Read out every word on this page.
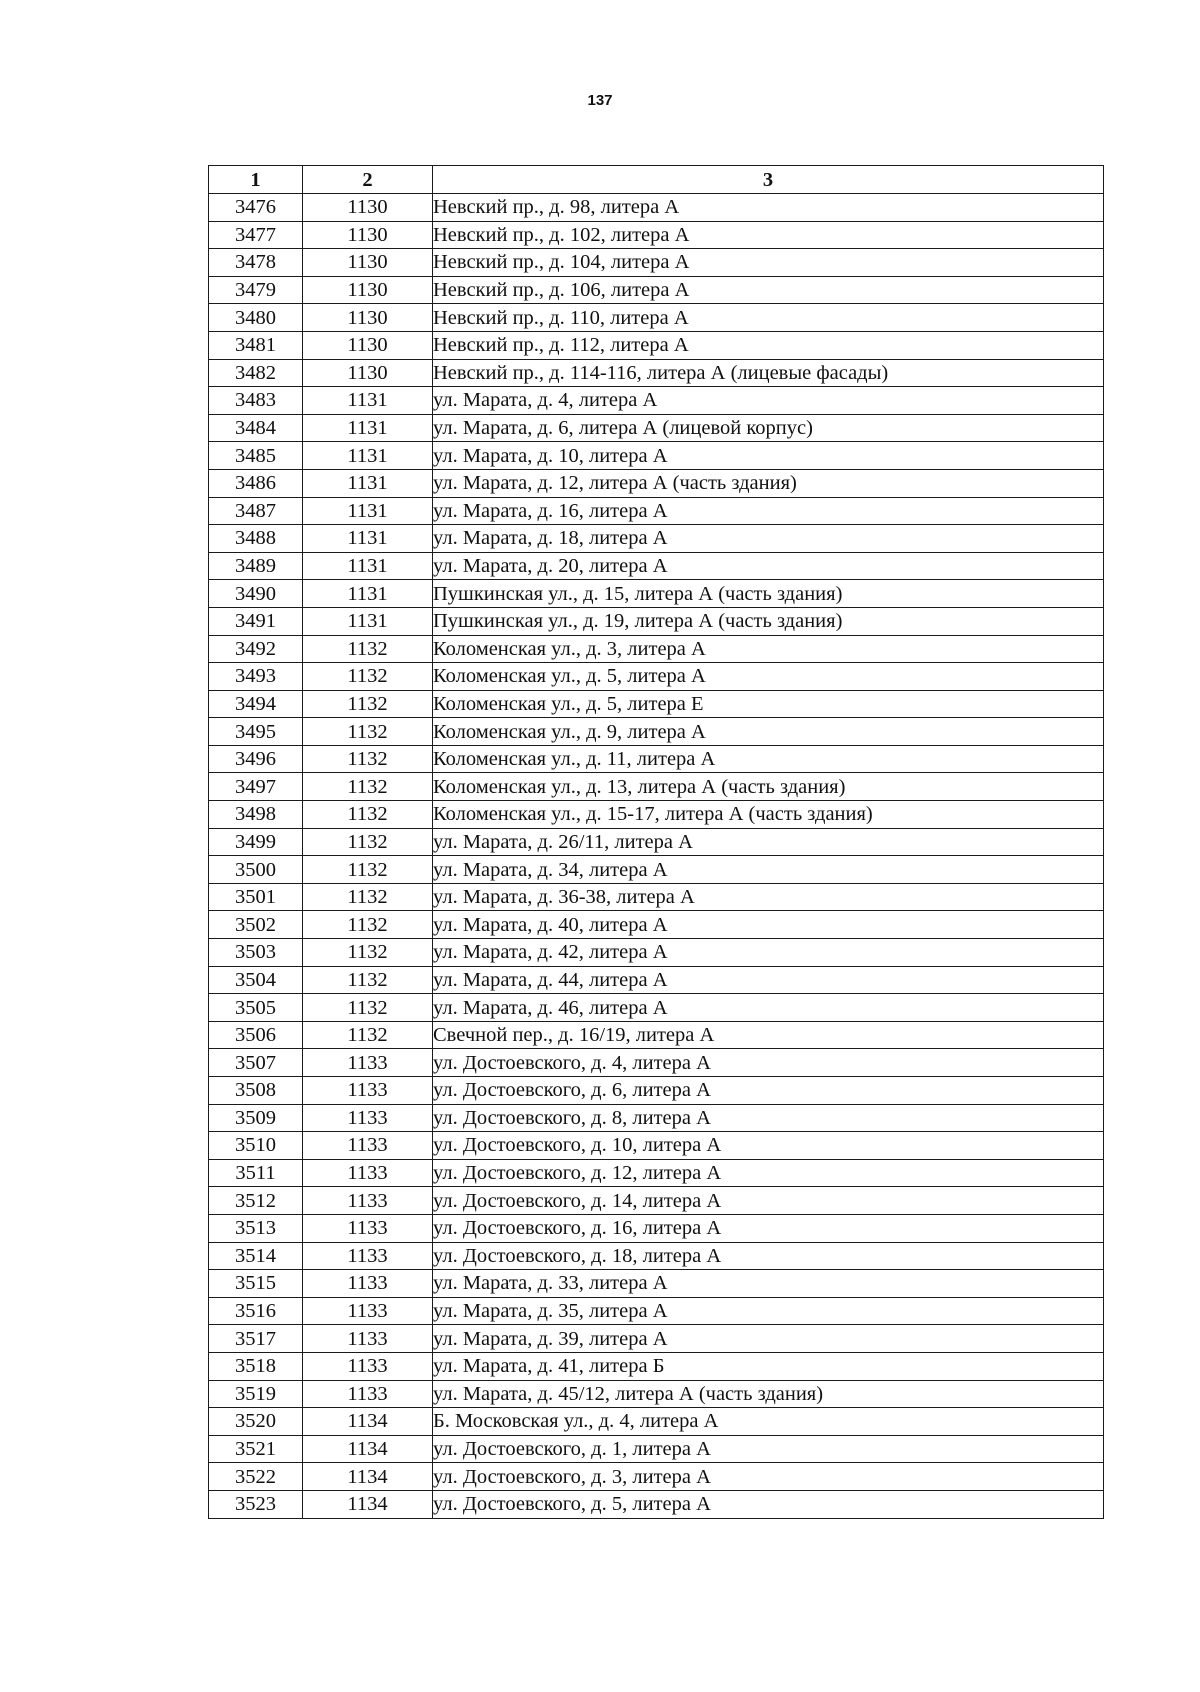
137
1	2	3
3476	1130	Невский пр., д. 98, литера А
3477	1130	Невский пр., д. 102, литера А
3478	1130	Невский пр., д. 104, литера А
3479	1130	Невский пр., д. 106, литера А
3480	1130	Невский пр., д. 110, литера А
3481	1130	Невский пр., д. 112, литера А
3482	1130	Невский пр., д. 114-116, литера А (лицевые фасады)
3483	1131	ул. Марата, д. 4, литера А
3484	1131	ул. Марата, д. 6, литера А (лицевой корпус)
3485	1131	ул. Марата, д. 10, литера А
3486	1131	ул. Марата, д. 12, литера А (часть здания)
3487	1131	ул. Марата, д. 16, литера А
3488	1131	ул. Марата, д. 18, литера А
3489	1131	ул. Марата, д. 20, литера А
3490	1131	Пушкинская ул., д. 15, литера А (часть здания)
3491	1131	Пушкинская ул., д. 19, литера А (часть здания)
3492	1132	Коломенская ул., д. 3, литера А
3493	1132	Коломенская ул., д. 5, литера А
3494	1132	Коломенская ул., д. 5, литера Е
3495	1132	Коломенская ул., д. 9, литера А
3496	1132	Коломенская ул., д. 11, литера А
3497	1132	Коломенская ул., д. 13, литера А (часть здания)
3498	1132	Коломенская ул., д. 15-17, литера А (часть здания)
3499	1132	ул. Марата, д. 26/11, литера А
3500	1132	ул. Марата, д. 34, литера А
3501	1132	ул. Марата, д. 36-38, литера А
3502	1132	ул. Марата, д. 40, литера А
3503	1132	ул. Марата, д. 42, литера А
3504	1132	ул. Марата, д. 44, литера А
3505	1132	ул. Марата, д. 46, литера А
3506	1132	Свечной пер., д. 16/19, литера А
3507	1133	ул. Достоевского, д. 4, литера А
3508	1133	ул. Достоевского, д. 6, литера А
3509	1133	ул. Достоевского, д. 8, литера А
3510	1133	ул. Достоевского, д. 10, литера А
3511	1133	ул. Достоевского, д. 12, литера А
3512	1133	ул. Достоевского, д. 14, литера А
3513	1133	ул. Достоевского, д. 16, литера А
3514	1133	ул. Достоевского, д. 18, литера А
3515	1133	ул. Марата, д. 33, литера А
3516	1133	ул. Марата, д. 35, литера А
3517	1133	ул. Марата, д. 39, литера А
3518	1133	ул. Марата, д. 41, литера Б
3519	1133	ул. Марата, д. 45/12, литера А (часть здания)
3520	1134	Б. Московская ул., д. 4, литера А
3521	1134	ул. Достоевского, д. 1, литера А
3522	1134	ул. Достоевского, д. 3, литера А
3523	1134	ул. Достоевского, д. 5, литера А
